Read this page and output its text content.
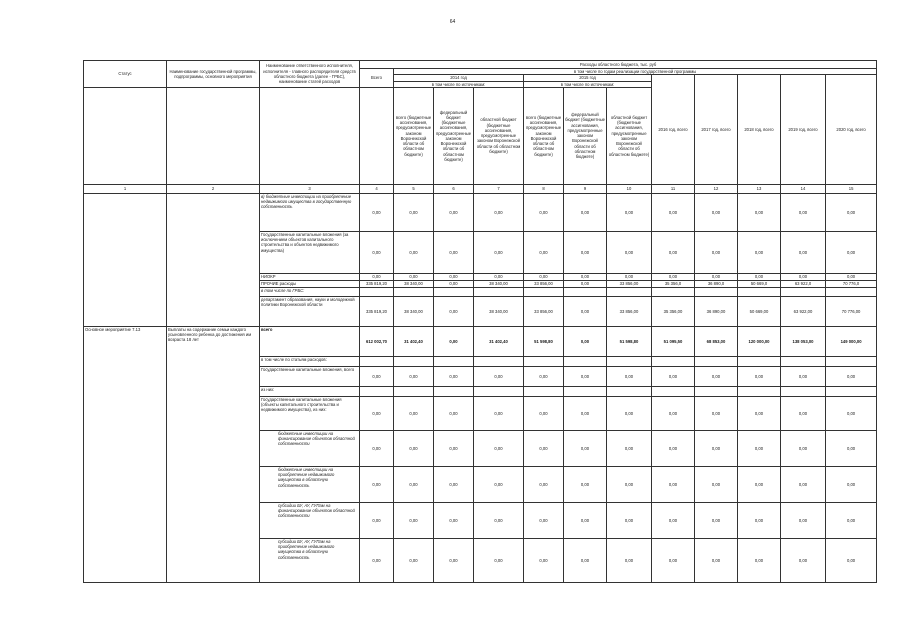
64
Статус	Наименование государственной программы, подпрограммы, основного мероприятия	Наименование ответственного исполнителя, исполнителя - главного распорядителя средств областного бюджета (далее - ГРБС), наименование статей расходов	Расходы областного бюджета, тыс. руб											
			Всего	в том числе по годам реализации государственной программы										
				2014 год			2015 год			2016 год, всего	2017 год, всего	2018 год, всего	2019 год, всего	2020 год, всего
				в том числе по источникам:			в том числе по источникам:							
				всего (бюджетные ассигнования, предусмотренные законом Воронежской области об областном бюджете)	федеральный бюджет (бюджетные ассигнования, предусмотренные законом Воронежской области об областном бюджете)	областной бюджет (бюджетные ассигнования, предусмотренные законом Воронежской области об областном бюджете)	всего (бюджетные ассигнования, предусмотренные законом Воронежской области об областном бюджете)	федеральный бюджет (бюджетные ассигнования, предусмотренные законом Воронежской области об областном бюджете)	областной бюджет (бюджетные ассигнования, предусмотренные законом Воронежской области об областном бюджете)					
1	2	3	4	5	6	7	8	9	10	11	12	13	14	15
		в) бюджетные инвестиции на приобретение недвижимого имущества в государственную собственность	0,00	0,00	0,00	0,00	0,00	0,00	0,00	0,00	0,00	0,00	0,00	0,00
		Государственные капитальные вложения (за исключением объектов капитального строительства и объектов недвижимого имущества)	0,00	0,00	0,00	0,00	0,00	0,00	0,00	0,00	0,00	0,00	0,00	0,00
		НИОКР	0,00	0,00	0,00	0,00	0,00	0,00	0,00	0,00	0,00	0,00	0,00	0,00
		ПРОЧИЕ расходы	335 819,20	38 340,00	0,00	38 340,00	33 856,00	0,00	33 856,00	35 356,0	36 890,0	50 669,0	63 922,0	70 776,0
		в том числе по ГРБС:												
		департамент образования, науки и молодежной политики Воронежской области	335 819,20	38 340,00	0,00	38 340,00	33 856,00	0,00	33 856,00	35 356,00	36 890,00	50 669,00	63 922,00	70 776,00
Основное мероприятие 7.13	Выплаты на содержание семьи каждого усыновленного ребенка до достижения им возраста 18 лет	всего	612 002,70	31 402,40	0,00	31 402,40	51 598,80	0,00	51 598,80	51 095,50	68 853,00	120 000,00	138 053,00	149 000,00
		в том числе по статьям расходов:												
		Государственные капитальные вложения, всего	0,00	0,00	0,00	0,00	0,00	0,00	0,00	0,00	0,00	0,00	0,00	0,00
		из них:												
		Государственные капитальные вложения (объекты капитального строительства и недвижимого имущества), из них:	0,00	0,00	0,00	0,00	0,00	0,00	0,00	0,00	0,00	0,00	0,00	0,00
		бюджетные инвестиции на финансирование объектов областной собственности	0,00	0,00	0,00	0,00	0,00	0,00	0,00	0,00	0,00	0,00	0,00	0,00
		бюджетные инвестиции на приобретение недвижимого имущества в областную собственность	0,00	0,00	0,00	0,00	0,00	0,00	0,00	0,00	0,00	0,00	0,00	0,00
		субсидии БУ, АУ, ГУПам на финансирование объектов областной собственности	0,00	0,00	0,00	0,00	0,00	0,00	0,00	0,00	0,00	0,00	0,00	0,00
		субсидии БУ, АУ, ГУПам на приобретение недвижимого имущества в областную собственность	0,00	0,00	0,00	0,00	0,00	0,00	0,00	0,00	0,00	0,00	0,00	0,00
